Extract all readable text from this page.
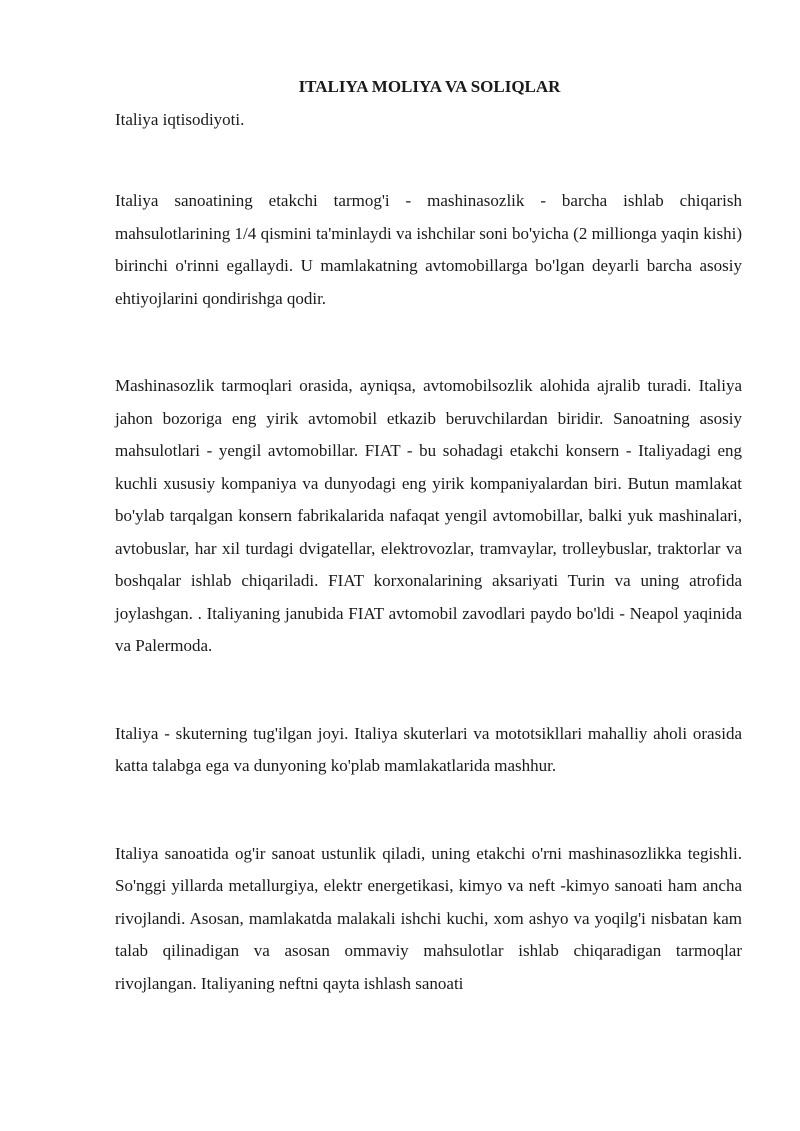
ITALIYA MOLIYA VA SOLIQLAR

Italiya iqtisodiyoti.

Italiya sanoatining etakchi tarmog'i - mashinasozlik - barcha ishlab chiqarish mahsulotlarining 1/4 qismini ta'minlaydi va ishchilar soni bo'yicha (2 millionga yaqin kishi) birinchi o'rinni egallaydi. U mamlakatning avtomobillarga bo'lgan deyarli barcha asosiy ehtiyojlarini qondirishga qodir.

Mashinasozlik tarmoqlari orasida, ayniqsa, avtomobilsozlik alohida ajralib turadi. Italiya jahon bozoriga eng yirik avtomobil etkazib beruvchilardan biridir. Sanoatning asosiy mahsulotlari - yengil avtomobillar. FIAT - bu sohadagi etakchi konsern - Italiyadagi eng kuchli xususiy kompaniya va dunyodagi eng yirik kompaniyalardan biri. Butun mamlakat bo'ylab tarqalgan konsern fabrikalarida nafaqat yengil avtomobillar, balki yuk mashinalari, avtobuslar, har xil turdagi dvigatellar, elektrovozlar, tramvaylar, trolleybuslar, traktorlar va boshqalar ishlab chiqariladi. FIAT korxonalarining aksariyati Turin va uning atrofida joylashgan. . Italiyaning janubida FIAT avtomobil zavodlari paydo bo'ldi - Neapol yaqinida va Palermoda.

Italiya - skuterning tug'ilgan joyi. Italiya skuterlari va mototsikllari mahalliy aholi orasida katta talabga ega va dunyoning ko'plab mamlakatlarida mashhur.

Italiya sanoatida og'ir sanoat ustunlik qiladi, uning etakchi o'rni mashinasozlikka tegishli. So'nggi yillarda metallurgiya, elektr energetikasi, kimyo va neft -kimyo sanoati ham ancha rivojlandi. Asosan, mamlakatda malakali ishchi kuchi, xom ashyo va yoqilg'i nisbatan kam talab qilinadigan va asosan ommaviy mahsulotlar ishlab chiqaradigan tarmoqlar rivojlangan. Italiyaning neftni qayta ishlash sanoati
